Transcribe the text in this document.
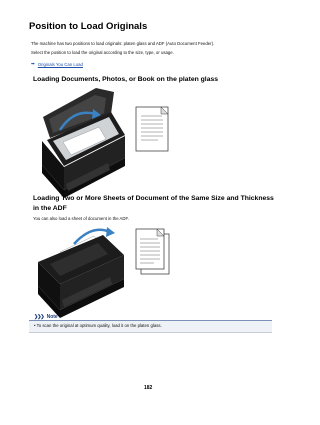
Position to Load Originals
The machine has two positions to load originals: platen glass and ADF (Auto Document Feeder).
Select the position to load the original according to the size, type, or usage.
➡ Originals You Can Load
Loading Documents, Photos, or Book on the platen glass
Loading Two or More Sheets of Document of the Same Size and Thickness
in the ADF
You can also load a sheet of document in the ADF.
❯❯❯ Note
• To scan the original at optimum quality, load it on the platen glass.
182
